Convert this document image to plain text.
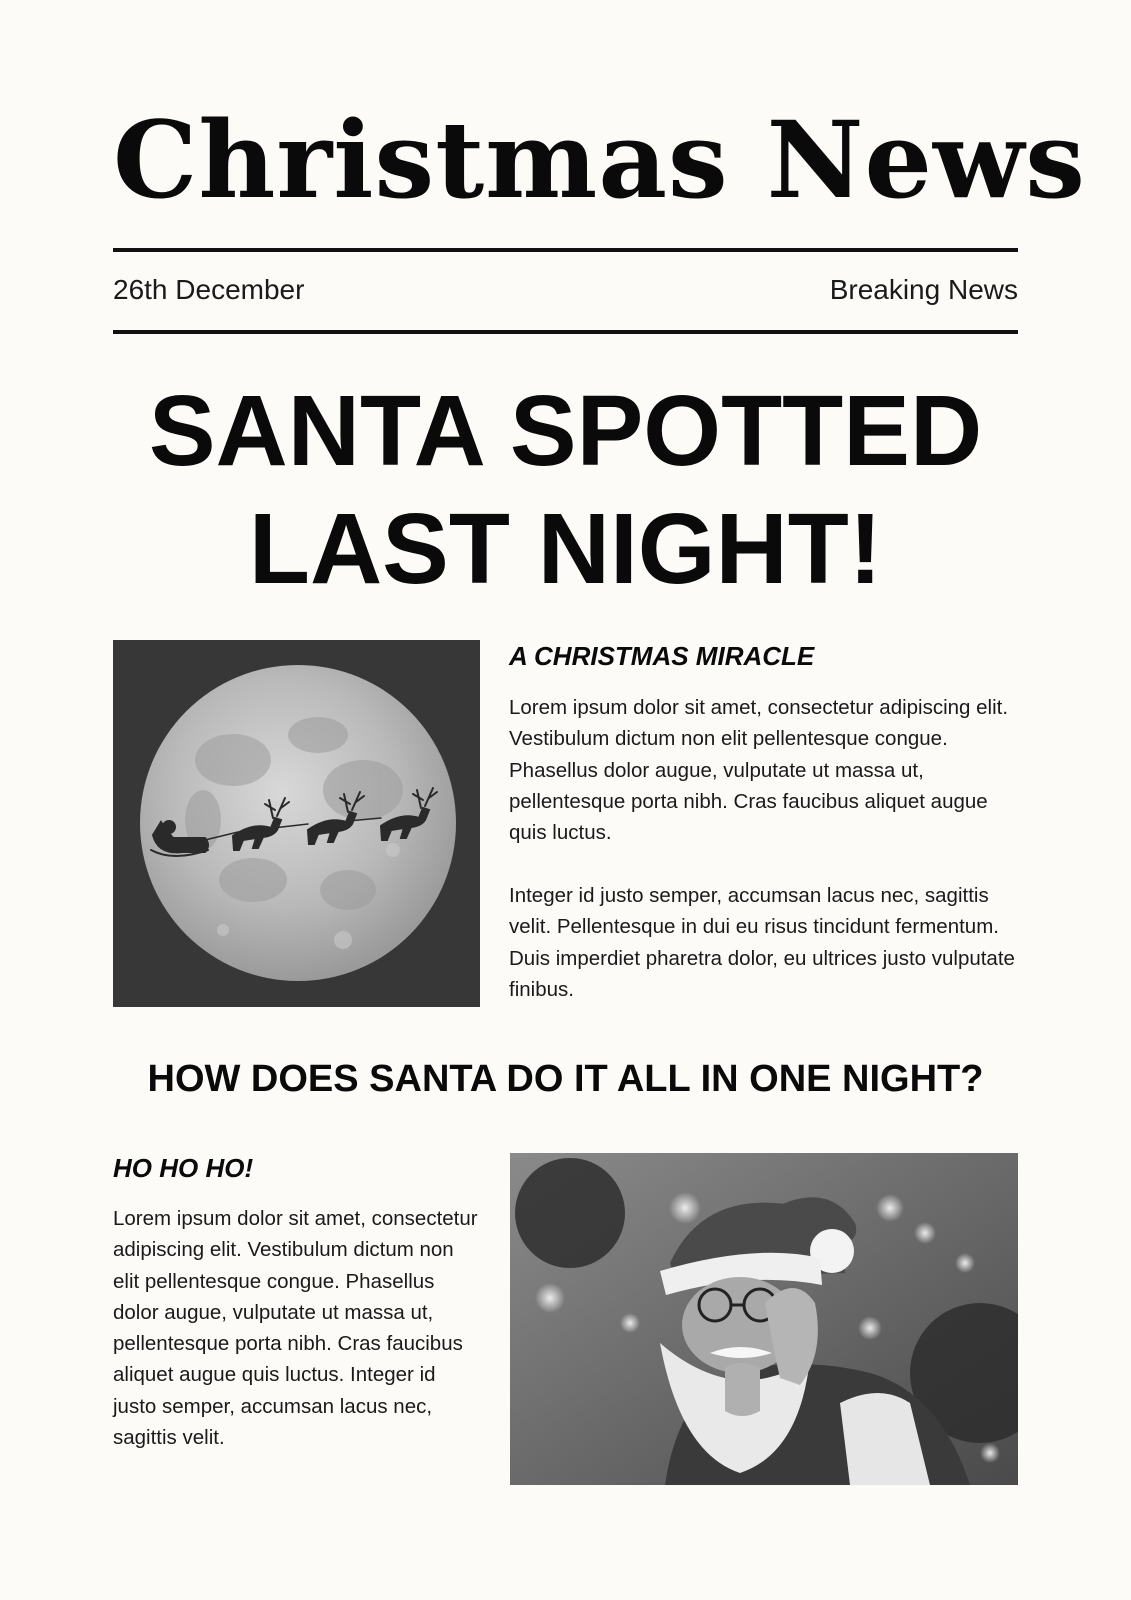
Christmas News
26th December	Breaking News
SANTA SPOTTED
LAST NIGHT!
A CHRISTMAS MIRACLE

Lorem ipsum dolor sit amet, consectetur adipiscing elit. Vestibulum dictum non elit pellentesque congue. Phasellus dolor augue, vulputate ut massa ut, pellentesque porta nibh. Cras faucibus aliquet augue quis luctus.

Integer id justo semper, accumsan lacus nec, sagittis velit. Pellentesque in dui eu risus tincidunt fermentum. Duis imperdiet pharetra dolor, eu ultrices justo vulputate finibus.

HOW DOES SANTA DO IT ALL IN ONE NIGHT?
HO HO HO!

Lorem ipsum dolor sit amet, consectetur adipiscing elit. Vestibulum dictum non elit pellentesque congue. Phasellus dolor augue, vulputate ut massa ut, pellentesque porta nibh. Cras faucibus aliquet augue quis luctus. Integer id justo semper, accumsan lacus nec, sagittis velit.
